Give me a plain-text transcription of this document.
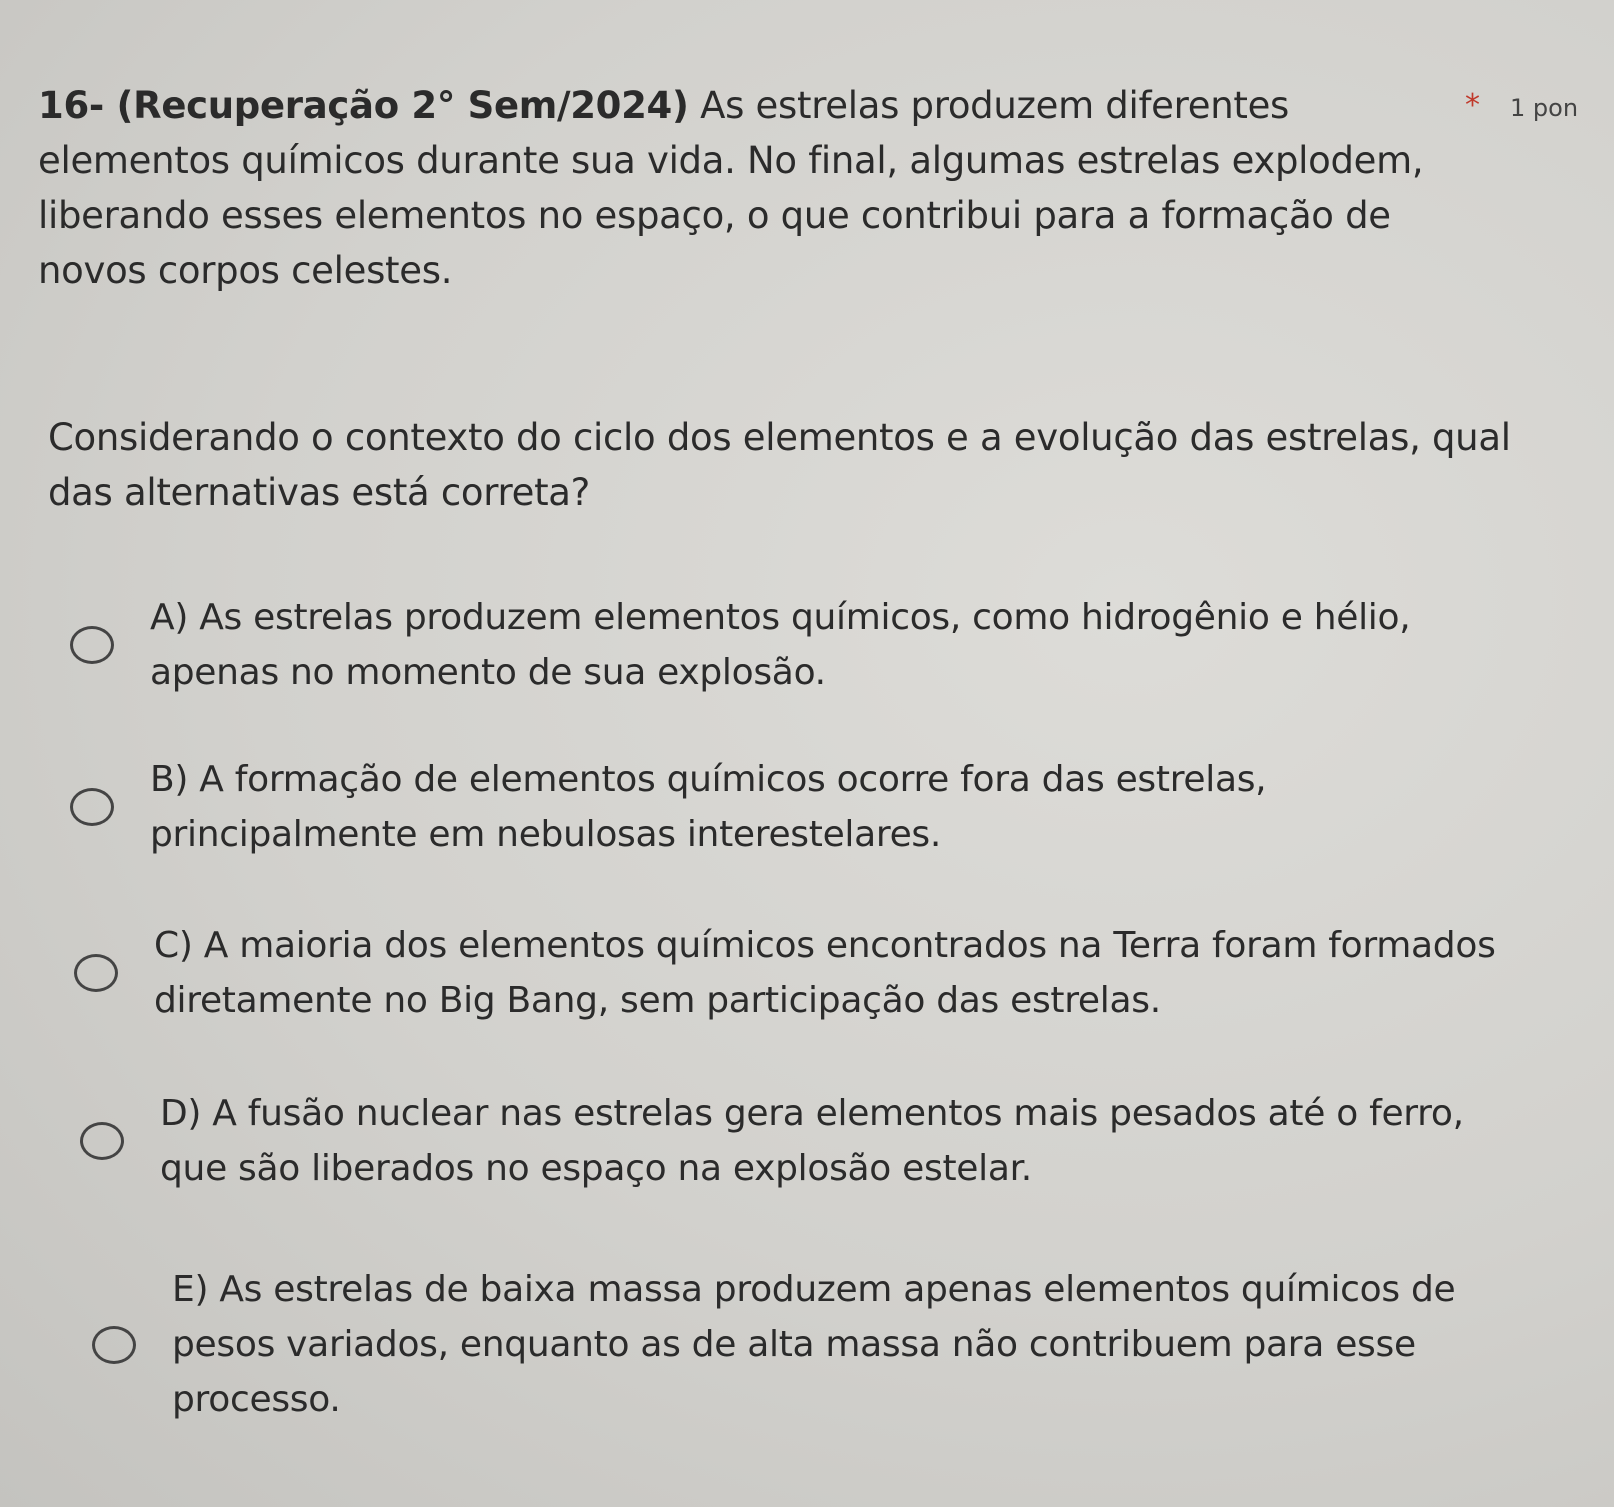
16- (Recuperação 2° Sem/2024) As estrelas produzem diferentes elementos químicos durante sua vida. No final, algumas estrelas explodem, liberando esses elementos no espaço, o que contribui para a formação de novos corpos celestes.

* 1 pon

Considerando o contexto do ciclo dos elementos e a evolução das estrelas, qual das alternativas está correta?

A) As estrelas produzem elementos químicos, como hidrogênio e hélio, apenas no momento de sua explosão.
B) A formação de elementos químicos ocorre fora das estrelas, principalmente em nebulosas interestelares.
C) A maioria dos elementos químicos encontrados na Terra foram formados diretamente no Big Bang, sem participação das estrelas.
D) A fusão nuclear nas estrelas gera elementos mais pesados até o ferro, que são liberados no espaço na explosão estelar.
E) As estrelas de baixa massa produzem apenas elementos químicos de pesos variados, enquanto as de alta massa não contribuem para esse processo.
